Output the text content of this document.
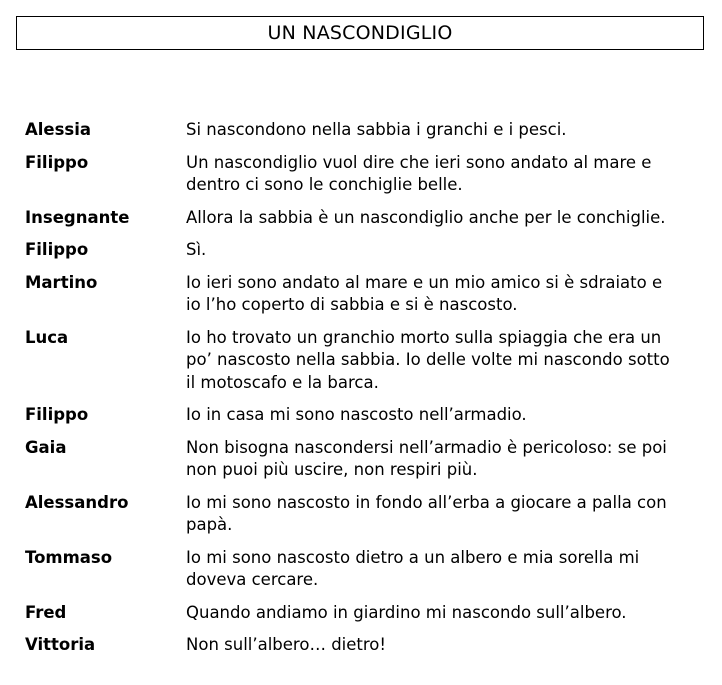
UN NASCONDIGLIO
Alessia	Si nascondono nella sabbia i granchi e i pesci.
Filippo	Un nascondiglio vuol dire che ieri sono andato al mare e
dentro ci sono le conchiglie belle.
Insegnante	Allora la sabbia è un nascondiglio anche per le conchiglie.
Filippo	Sì.
Martino	Io ieri sono andato al mare e un mio amico si è sdraiato e
io l’ho coperto di sabbia e si è nascosto.
Luca	Io ho trovato un granchio morto sulla spiaggia che era un
po’ nascosto nella sabbia. Io delle volte mi nascondo sotto
il motoscafo e la barca.
Filippo	Io in casa mi sono nascosto nell’armadio.
Gaia	Non bisogna nascondersi nell’armadio è pericoloso: se poi
non puoi più uscire, non respiri più.
Alessandro	Io mi sono nascosto in fondo all’erba a giocare a palla con
papà.
Tommaso	Io mi sono nascosto dietro a un albero e mia sorella mi
doveva cercare.
Fred	Quando andiamo in giardino mi nascondo sull’albero.
Vittoria	Non sull’albero… dietro!
